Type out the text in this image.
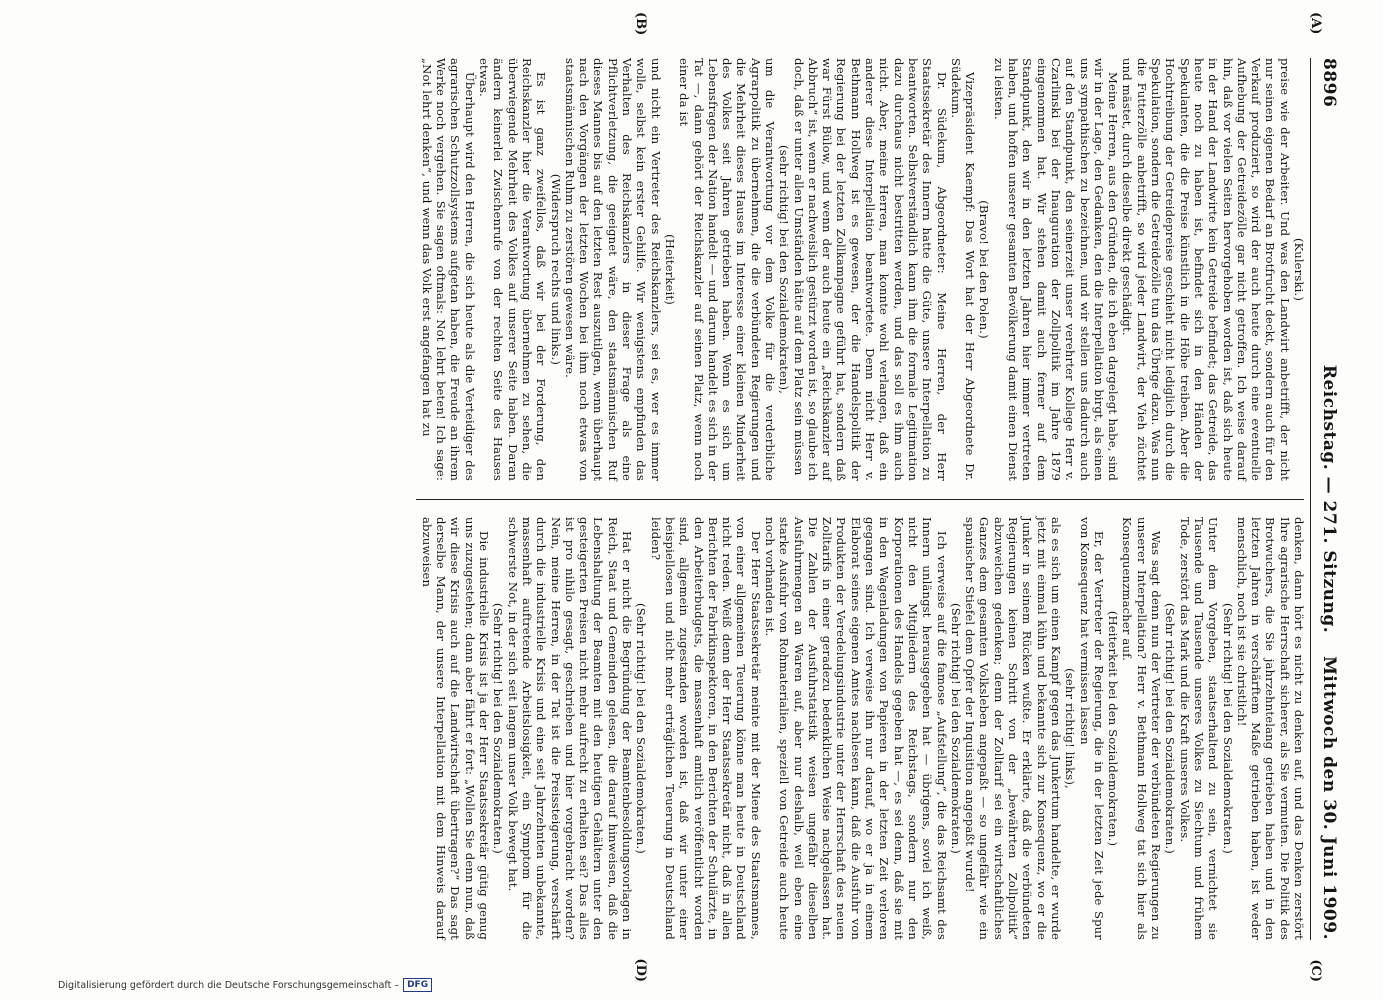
8896
Reichstag. — 271. Sitzung.
Mittwoch den 30. Juni 1909.
(A)
(B)
(C)
(D)

(Kulerski.)

preise wie der Arbeiter. Und was den Landwirt anbetrifft, der nicht nur seinen eigenen Bedarf an Brotfrucht deckt, sondern auch für den Verkauf produziert, so wird der auch heute durch eine eventuelle Aufhebung der Getreidezölle gar nicht getroffen. Ich weise darauf hin, daß vor vielen Seiten hervorgehoben worden ist, daß sich heute in der Hand der Landwirte kein Getreide befindet; das Getreide, das heute noch zu haben ist, befindet sich in den Händen der Spekulanten, die die Preise künstlich in die Höhe treiben. Aber die Hochtreibung der Getreidepreise geschieht nicht lediglich durch die Spekulation, sondern die Getreidezölle tun das Übrige dazu. Was nun die Futterzölle anbetrifft, so wird jeder Landwirt, der Vieh züchtet und mästet, durch dieselbe direkt geschädigt.

Meine Herren, aus den Gründen, die ich eben dargelegt habe, sind wir in der Lage, den Gedanken, den die Interpellation birgt, als einen uns sympathischen zu bezeichnen, und wir stellen uns dadurch auch auf den Standpunkt, den seinerzeit unser verehrter Kollege Herr v. Czarlinski bei der Inauguration der Zollpolitik im Jahre 1879 eingenommen hat. Wir stehen damit auch ferner auf dem Standpunkt, den wir in den letzten Jahren hier immer vertreten haben, und hoffen unserer gesamten Bevölkerung damit einen Dienst zu leisten.

(Bravo! bei den Polen.)

Vizepräsident Kaempf: Das Wort hat der Herr Abgeordnete Dr. Südekum.

Dr. Südekum, Abgeordneter: Meine Herren, der Herr Staatssekretär des Innern hatte die Güte, unsere Interpellation zu beantworten. Selbstverständlich kann ihm die formale Legitimation dazu durchaus nicht bestritten werden, und das soll es ihm auch nicht. Aber, meine Herren, man konnte wohl verlangen, daß ein anderer diese Interpellation beantwortete. Denn nicht Herr v. Bethmann Hollweg ist es gewesen, der die Handelspolitik der Regierung bei der letzten Zollkampagne geführt hat, sondern daß war Fürst Bülow, und wenn der auch heute ein „Reichskanzler auf Abbruch“ ist, wenn er nachweislich gestürzt worden ist, so glaube ich doch, daß er unter allen Umständen hätte auf dem Platz sein müssen

(sehr richtig! bei den Sozialdemokraten),

um die Verantwortung vor dem Volke für die verderbliche Agrarpolitik zu übernehmen, die die verbündeten Regierungen und die Mehrheit dieses Hauses im Interesse einer kleinen Minderheit des Volkes seit Jahren getrieben haben. Wenn es sich um Lebensfragen der Nation handelt — und darum handelt es sich in der Tat —, dann gehört der Reichskanzler auf seinen Platz, wenn noch einer da ist

(Heiterkeit)

und nicht ein Vertreter des Reichskanzlers, sei es, wer es immer wolle, selbst kein erster Gehilfe. Wir wenigstens empfinden das Verhalten des Reichskanzlers in dieser Frage als eine Pflichtverletzung, die geeignet wäre, den staatsmännischen Ruf dieses Mannes bis auf den letzten Rest auszutilgen, wenn überhaupt nach den Vorgängen der letzten Wochen bei ihm noch etwas von staatsmännischen Ruhm zu zerstören gewesen wäre.

(Widerspruch rechts und links.)

Es ist ganz zweifellos, daß wir bei der Forderung, den Reichskanzler hier die Verantwortung übernehmen zu sehen, die überwiegende Mehrheit des Volkes auf unserer Seite haben. Daran ändern keinerlei Zwischenrufe von der rechten Seite des Hauses etwas.

Überhaupt wird den Herren, die sich heute als die Verteidiger des agrarischen Schutzzollsystems aufgetan haben, die Freude an ihrem Werke noch vergehen. Sie sagen oftmals: Not lehrt beten! Ich sage: „Not lehrt denken“, und wenn das Volk erst angefangen hat zu

denken, dann hört es nicht zu denken auf, und das Denken zerstört Ihre agrarische Herrschaft sicherer, als Sie vermuten. Die Politik des Brotwuchers, die Sie jahrzehntelang getrieben haben und in den letzten Jahren in verschärftem Maße getrieben haben, ist weder menschlich, noch ist sie christlich!

(Sehr richtig! bei den Sozialdemokraten.)

Unter dem Vorgeben, staatserhaltend zu sein, vernichtet sie Tausende und Tausende unseres Volkes zu Siechtum und frühem Tode, zerstört das Mark und die Kraft unseres Volkes.

(Sehr richtig! bei den Sozialdemokraten.)

Was sagt denn nun der Vertreter der verbündeten Regierungen zu unserer Interpellation? Herr v. Bethmann Hollweg tat sich hier als Konsequenzmacher auf.

(Heiterkeit bei den Sozialdemokraten.)

Er, der Vertreter der Regierung, die in der letzten Zeit jede Spur von Konsequenz hat vermissen lassen

(sehr richtig! links),

als es sich um einen Kampf gegen das Junkertum handelte, er wurde jetzt mit einmal kühn und bekannte sich zur Konsequenz, wo er die Junker in seinem Rücken wußte. Er erklärte, daß die verbündeten Regierungen keinen Schritt von der „bewährten Zollpolitik“ abzuweichen gedenken; denn der Zolltarif sei ein wirtschaftliches Ganzes dem gesamten Volksleben angepaßt — so ungefähr wie ein spanischer Stiefel dem Opfer der Inquisition angepaßt wurde!

(Sehr richtig! bei den Sozialdemokraten.)

Ich verweise auf die famose „Aufstellung“, die das Reichsamt des Innern unlängst herausgegeben hat — übrigens, soviel ich weiß, nicht den Mitgliedern des Reichstags, sondern nur den Korporationen des Handels gegeben hat —, es sei denn, daß sie mit in den Wagenladungen von Papieren in der letzten Zeit verloren gegangen sind. Ich verweise ihn nur darauf, wo er ja in einem Elaborat seines eigenen Amtes nachlesen kann, daß die Ausfuhr von Produkten der Veredelungsindustrie unter der Herrschaft des neuen Zolltarifs in einer geradezu bedenklichen Weise nachgelassen hat. Die Zahlen der Ausfuhrstatistik weisen ungefähr dieselben Ausfuhrmengen an Waren auf, aber nur deshalb, weil eben eine starke Ausfuhr von Rohmaterialien, speziell von Getreide auch heute noch vorhanden ist.

Der Herr Staatssekretär meinte mit der Miene des Staatsmannes, von einer allgemeinen Teuerung könne man heute in Deutschland nicht reden. Weiß denn der Herr Staatssekretär nicht, daß in allen Berichten der Fabrikinspektoren, in den Berichten der Schulärzte, in den Arbeiterbudgets, die massenhaft amtlich veröffentlicht worden sind, allgemein zugestanden worden ist, daß wir unter einer beispiellosen und nicht mehr erträglichen Teuerung in Deutschland leiden?

(Sehr richtig! bei den Sozialdemokraten.)

Hat er nicht die Begründung der Beamtenbesoldungsvorlagen in Reich, Staat und Gemeinden gelesen, die darauf hinweisen, daß die Lebenshaltung der Beamten mit den heutigen Gehältern unter den gesteigerten Preisen nicht mehr aufrecht zu erhalten sei? Das alles ist pro nihilo gesagt, geschrieben und hier vorgebracht worden? Nein, meine Herren, in der Tat ist die Preissteigerung, verschärft durch die industrielle Krisis und eine seit Jahrzehnten unbekannte, massenhaft auftretende Arbeitslosigkeit, ein Symptom für die schwerste Not, in der sich seit langem unser Volk bewegt hat.

(Sehr richtig! bei den Sozialdemokraten.)

Die industrielle Krisis ist ja der Herr Staatssekretär gütig genug uns zuzugestehen; dann aber fährt er fort: „Wollen Sie denn nun, daß wir diese Krisis auch auf die Landwirtschaft übertragen?“ Das sagt derselbe Mann, der unsere Interpellation mit dem Hinweis darauf abzuweisen

Digitalisierung gefördert durch die Deutsche Forschungsgemeinschaft – DFG
